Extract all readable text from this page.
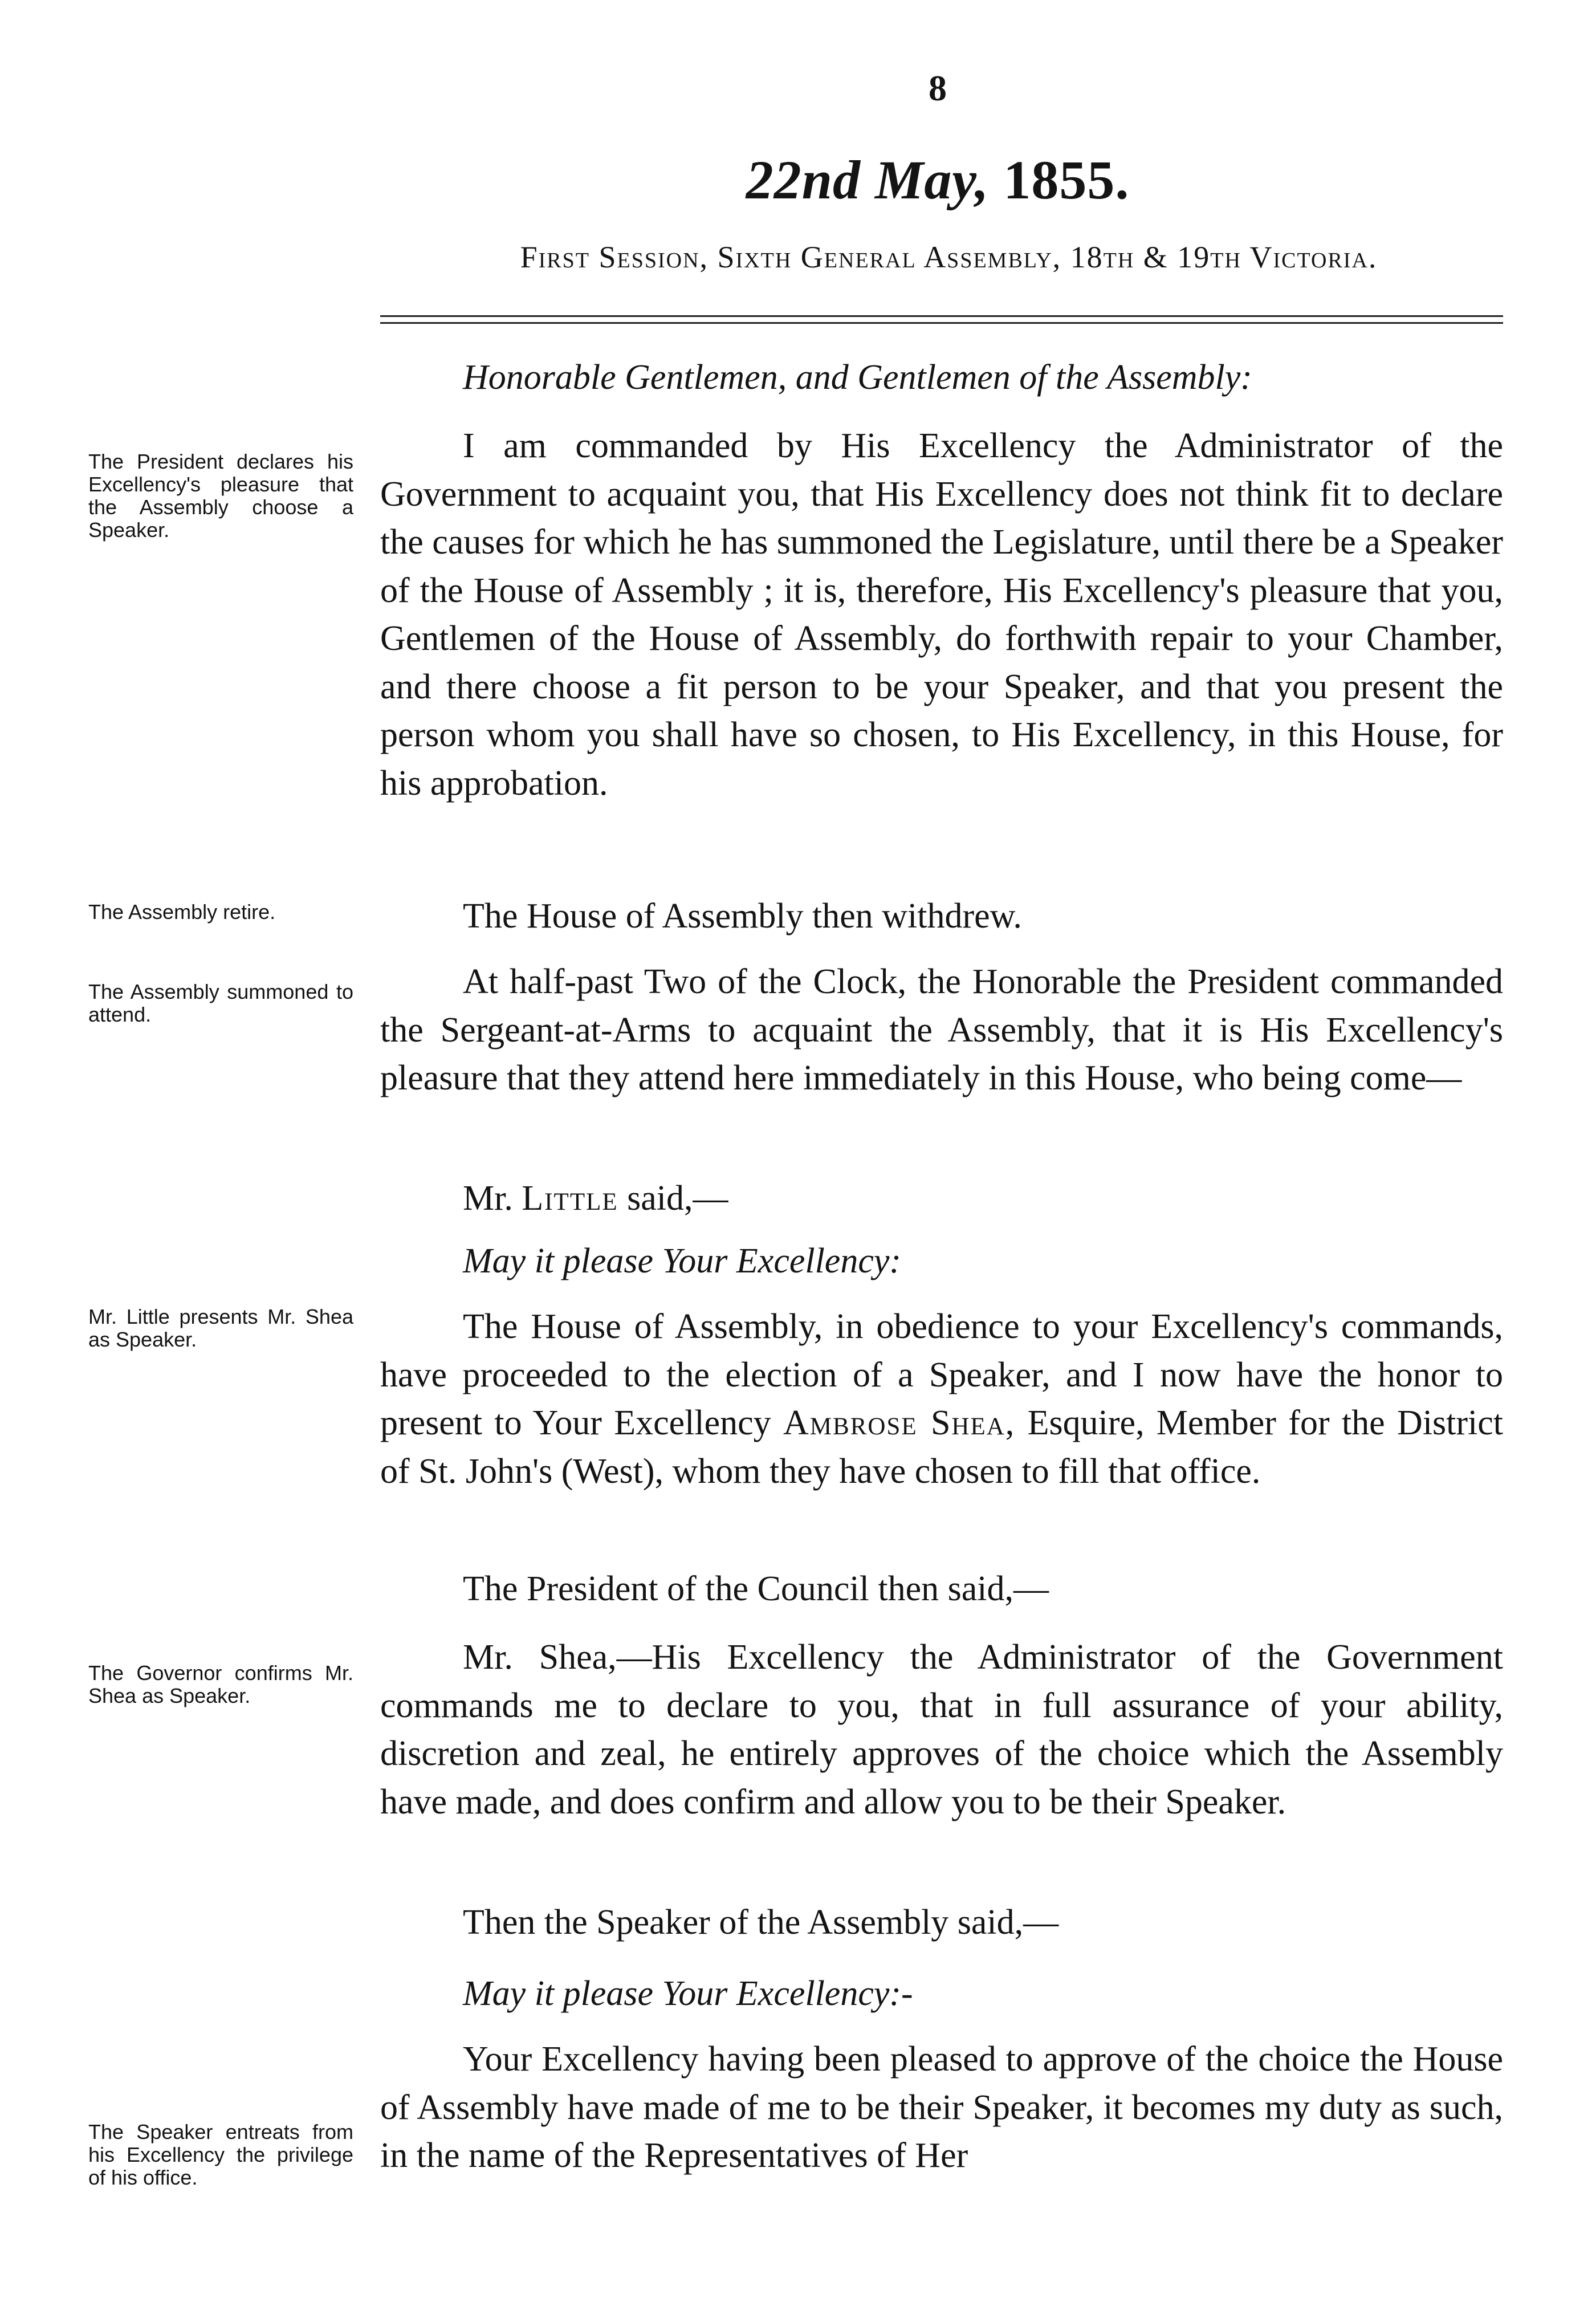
8
22nd May, 1855.
First Session, Sixth General Assembly, 18th & 19th Victoria.
The President declares his Excellency's pleasure that the Assembly choose a Speaker.
The Assembly retire.
The Assembly summoned to attend.
Mr. Little presents Mr. Shea as Speaker.
The Governor confirms Mr. Shea as Speaker.
The Speaker entreats from his Excellency the privilege of his office.

Honorable Gentlemen, and Gentlemen of the Assembly:

I am commanded by His Excellency the Administrator of the Government to acquaint you, that His Excellency does not think fit to declare the causes for which he has summoned the Legislature, until there be a Speaker of the House of Assembly ; it is, therefore, His Excellency's pleasure that you, Gentlemen of the House of Assembly, do forthwith repair to your Chamber, and there choose a fit person to be your Speaker, and that you present the person whom you shall have so chosen, to His Excellency, in this House, for his approbation.

The House of Assembly then withdrew.

At half-past Two of the Clock, the Honorable the President commanded the Sergeant-at-Arms to acquaint the Assembly, that it is His Excellency's pleasure that they attend here immediately in this House, who being come—

Mr. Little said,—

May it please Your Excellency:

The House of Assembly, in obedience to your Excellency's commands, have proceeded to the election of a Speaker, and I now have the honor to present to Your Excellency Ambrose Shea, Esquire, Member for the District of St. John's (West), whom they have chosen to fill that office.

The President of the Council then said,—

Mr. Shea,—His Excellency the Administrator of the Government commands me to declare to you, that in full assurance of your ability, discretion and zeal, he entirely approves of the choice which the Assembly have made, and does confirm and allow you to be their Speaker.

Then the Speaker of the Assembly said,—

May it please Your Excellency:-

Your Excellency having been pleased to approve of the choice the House of Assembly have made of me to be their Speaker, it becomes my duty as such, in the name of the Representatives of Her
